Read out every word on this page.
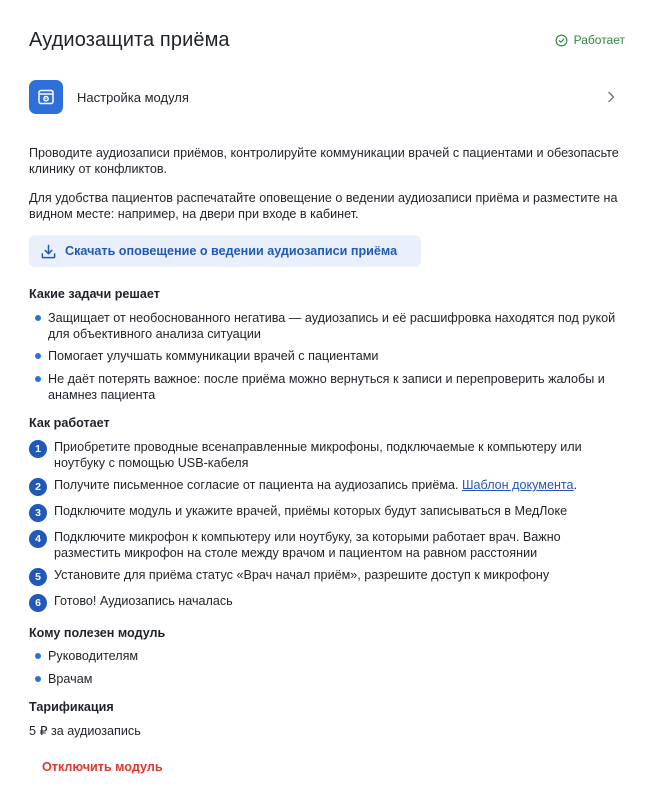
Аудиозащита приёма	Работает
Настройка модуля

Проводите аудиозаписи приёмов, контролируйте коммуникации врачей с пациентами и обезопасьте клинику от конфликтов.

Для удобства пациентов распечатайте оповещение о ведении аудиозаписи приёма и разместите на видном месте: например, на двери при входе в кабинет.

Скачать оповещение о ведении аудиозаписи приёма
Какие задачи решает
Защищает от необоснованного негатива — аудиозапись и её расшифровка находятся под рукой для объективного анализа ситуации
Помогает улучшать коммуникации врачей с пациентами
Не даёт потерять важное: после приёма можно вернуться к записи и перепроверить жалобы и анамнез пациента
Как работает
1	Приобретите проводные всенаправленные микрофоны, подключаемые к компьютеру или ноутбуку с помощью USB-кабеля
2	Получите письменное согласие от пациента на аудиозапись приёма. Шаблон документа.
3	Подключите модуль и укажите врачей, приёмы которых будут записываться в МедЛоке
4	Подключите микрофон к компьютеру или ноутбуку, за которыми работает врач. Важно разместить микрофон на столе между врачом и пациентом на равном расстоянии
5	Установите для приёма статус «Врач начал приём», разрешите доступ к микрофону
6	Готово! Аудиозапись началась
Кому полезен модуль
Руководителям
Врачам
Тарификация

5 ₽ за аудиозапись

Отключить модуль
